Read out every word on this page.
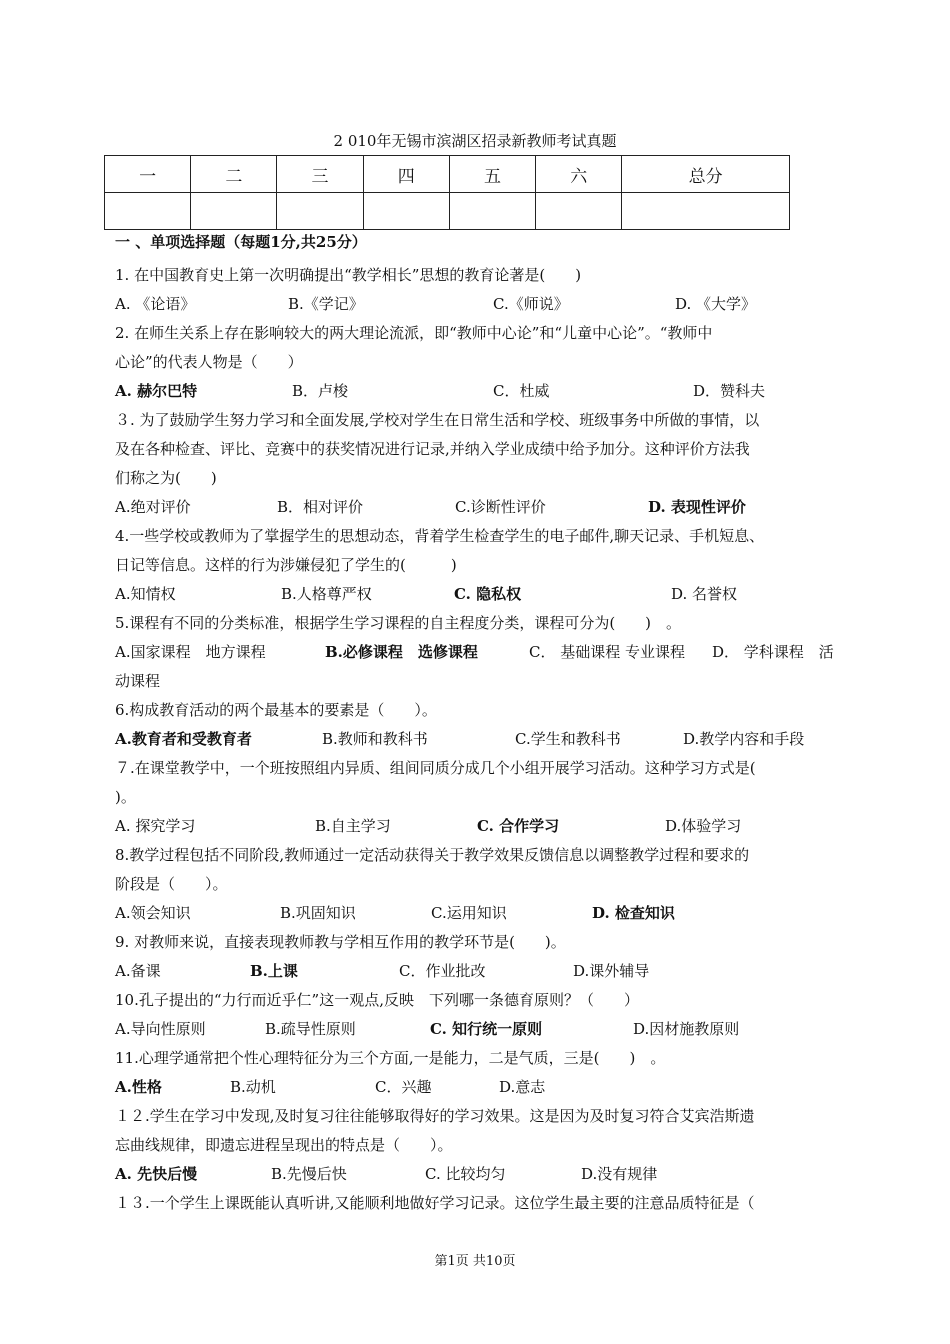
2 010年无锡市滨湖区招录新教师考试真题
一	二	三	四	五	六	总分

一 、单项选择题（每题1分,共25分）
1. 在中国教育史上第一次明确提出“教学相长”思想的教育论著是(　　)
A. 《论语》	B.《学记》	C.《师说》	D. 《大学》
2. 在师生关系上存在影响较大的两大理论流派，即“教师中心论”和“儿童中心论”。“教师中
心论”的代表人物是（　　）
A. 赫尔巴特	B．卢梭	C．杜威	D．赞科夫
３. 为了鼓励学生努力学习和全面发展,学校对学生在日常生活和学校、班级事务中所做的事情，以
及在各种检查、评比、竞赛中的获奖情况进行记录,并纳入学业成绩中给予加分。这种评价方法我
们称之为(　　)
A.绝对评价	B．相对评价	C.诊断性评价	D. 表现性评价
4.一些学校或教师为了掌握学生的思想动态，背着学生检查学生的电子邮件,聊天记录、手机短息、
日记等信息。这样的行为涉嫌侵犯了学生的(　　　)
A.知情权	B.人格尊严权	C. 隐私权	D. 名誉权
5.课程有不同的分类标准，根据学生学习课程的自主程度分类，课程可分为(　　)　。
A.国家课程　地方课程	B.必修课程　选修课程	C． 基础课程 专业课程	D． 学科课程　活
动课程
6.构成教育活动的两个最基本的要素是（　　）。
A.教育者和受教育者	B.教师和教科书	C.学生和教科书	D.教学内容和手段
７.在课堂教学中，一个班按照组内异质、组间同质分成几个小组开展学习活动。这种学习方式是(
)。
A. 探究学习	B.自主学习	C. 合作学习	D.体验学习
8.教学过程包括不同阶段,教师通过一定活动获得关于教学效果反馈信息以调整教学过程和要求的
阶段是（　　）。
A.领会知识	B.巩固知识	C.运用知识	D. 检查知识
9. 对教师来说，直接表现教师教与学相互作用的教学环节是(　　)。
A.备课	B.上课	C．作业批改	D.课外辅导
10.孔子提出的“力行而近乎仁”这一观点,反映　下列哪一条德育原则？（　　）
A.导向性原则	B.疏导性原则	C. 知行统一原则	D.因材施教原则
11.心理学通常把个性心理特征分为三个方面,一是能力，二是气质，三是(　　)　。
A.性格	B.动机	C．兴趣	D.意志
１２.学生在学习中发现,及时复习往往能够取得好的学习效果。这是因为及时复习符合艾宾浩斯遗
忘曲线规律，即遗忘进程呈现出的特点是（　　）。
A. 先快后慢	B.先慢后快	C. 比较均匀	D.没有规律
１３.一个学生上课既能认真听讲,又能顺利地做好学习记录。这位学生最主要的注意品质特征是（
第1页 共10页
